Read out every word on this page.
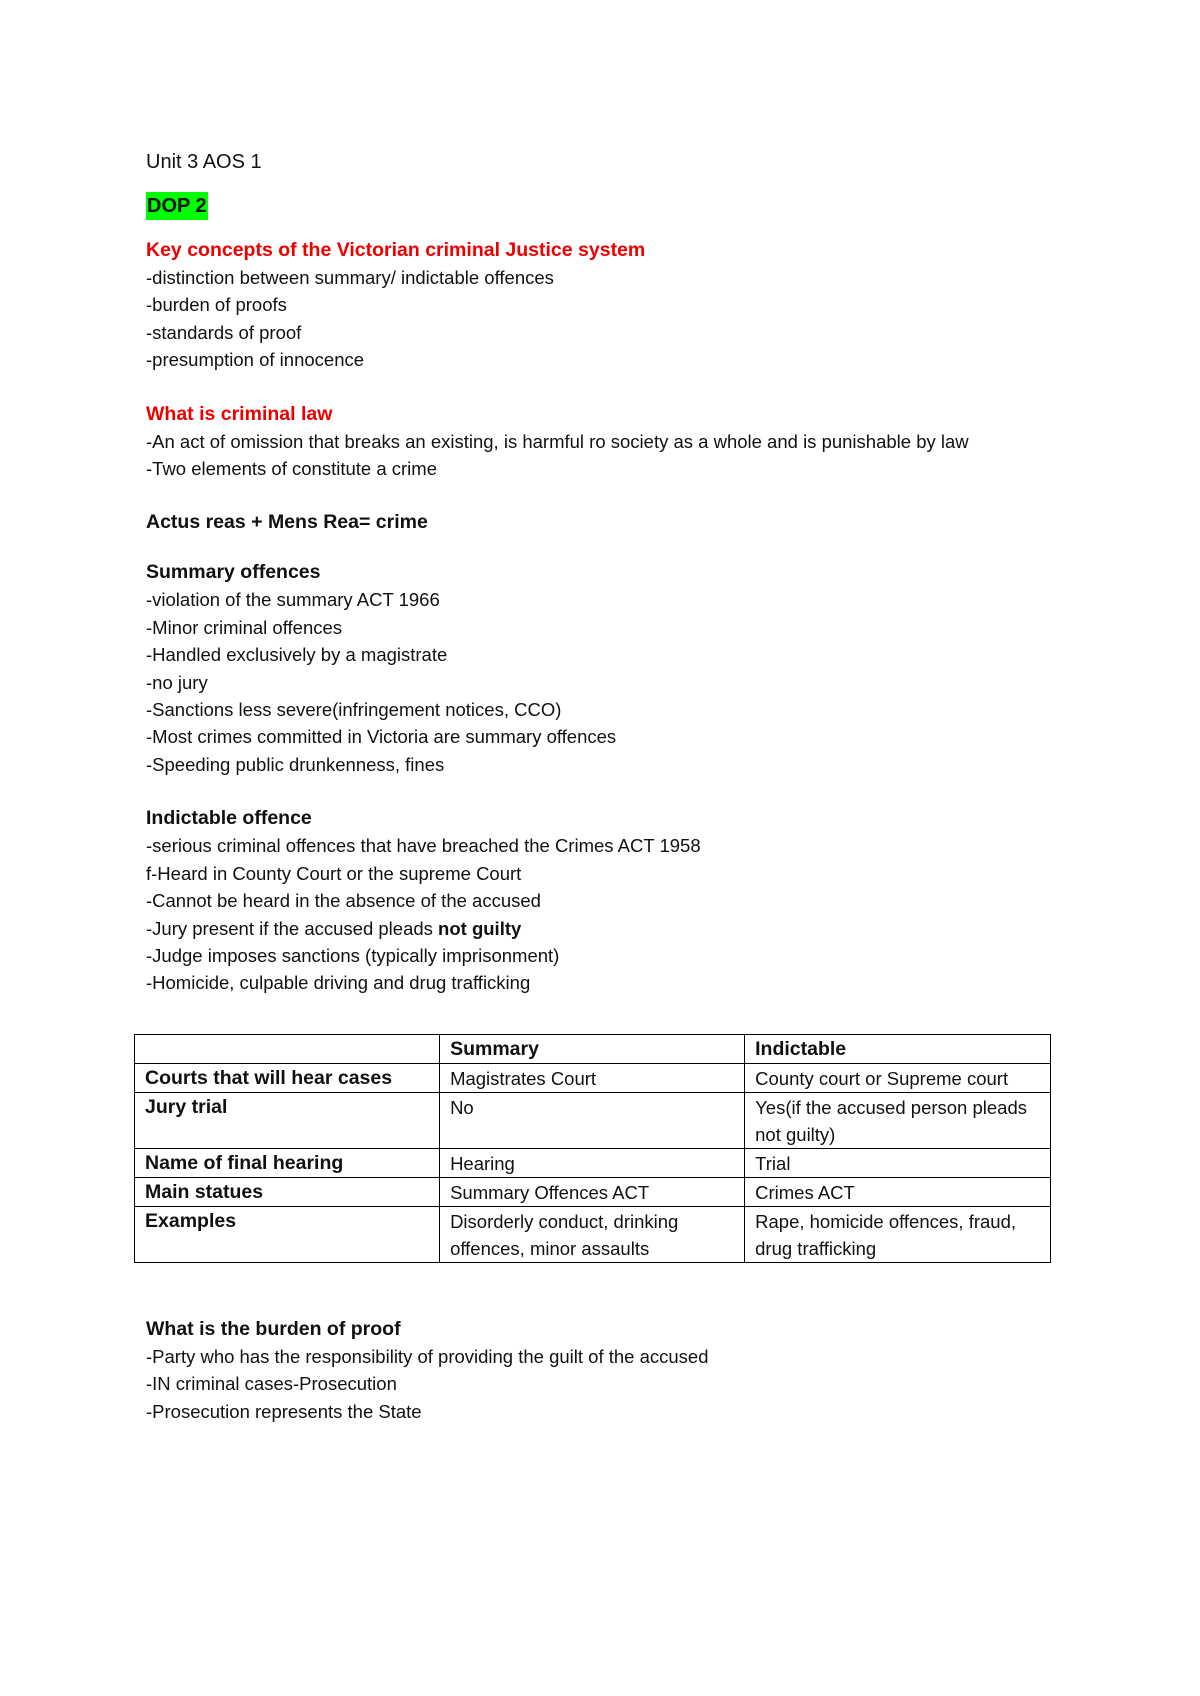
Unit 3 AOS 1

DOP 2

Key concepts of the Victorian criminal Justice system

-distinction between summary/ indictable offences

-burden of proofs

-standards of proof

-presumption of innocence

What is criminal law

-An act of omission that breaks an existing, is harmful ro society as a whole and is punishable by law

-Two elements of constitute a crime

Actus reas + Mens Rea= crime

Summary offences

-violation of the summary ACT 1966

-Minor criminal offences

-Handled exclusively by a magistrate

-no jury

-Sanctions less severe(infringement notices, CCO)

-Most crimes committed in Victoria are summary offences

-Speeding public drunkenness, fines

Indictable offence

-serious criminal offences that have breached the Crimes ACT 1958

f-Heard in County Court or the supreme Court

-Cannot be heard in the absence of the accused

-Jury present if the accused pleads not guilty

-Judge imposes sanctions (typically imprisonment)

-Homicide, culpable driving and drug trafficking

	Summary	Indictable
Courts that will hear cases	Magistrates Court	County court or Supreme court
Jury trial	No	Yes(if the accused person pleads not guilty)
Name of final hearing	Hearing	Trial
Main statues	Summary Offences ACT	Crimes ACT
Examples	Disorderly conduct, drinking offences, minor assaults	Rape, homicide offences, fraud, drug trafficking

What is the burden of proof

-Party who has the responsibility of providing the guilt of the accused

-IN criminal cases-Prosecution

-Prosecution represents the State
